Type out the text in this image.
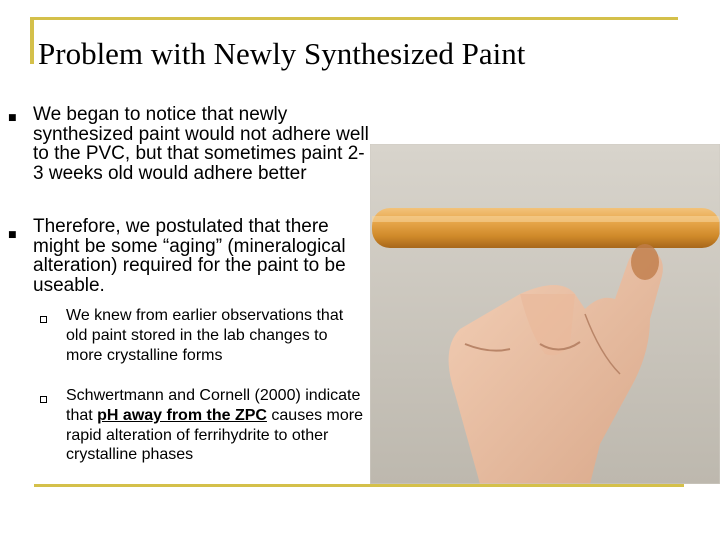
Problem with Newly Synthesized Paint
■ We began to notice that newly synthesized paint would not adhere well to the PVC, but that sometimes paint 2-3 weeks old would adhere better
■ Therefore, we postulated that there might be some “aging” (mineralogical alteration) required for the paint to be useable.
We knew from earlier observations that old paint stored in the lab changes to more crystalline forms
Schwertmann and Cornell (2000) indicate that pH away from the ZPC causes more rapid alteration of ferrihydrite to other crystalline phases
